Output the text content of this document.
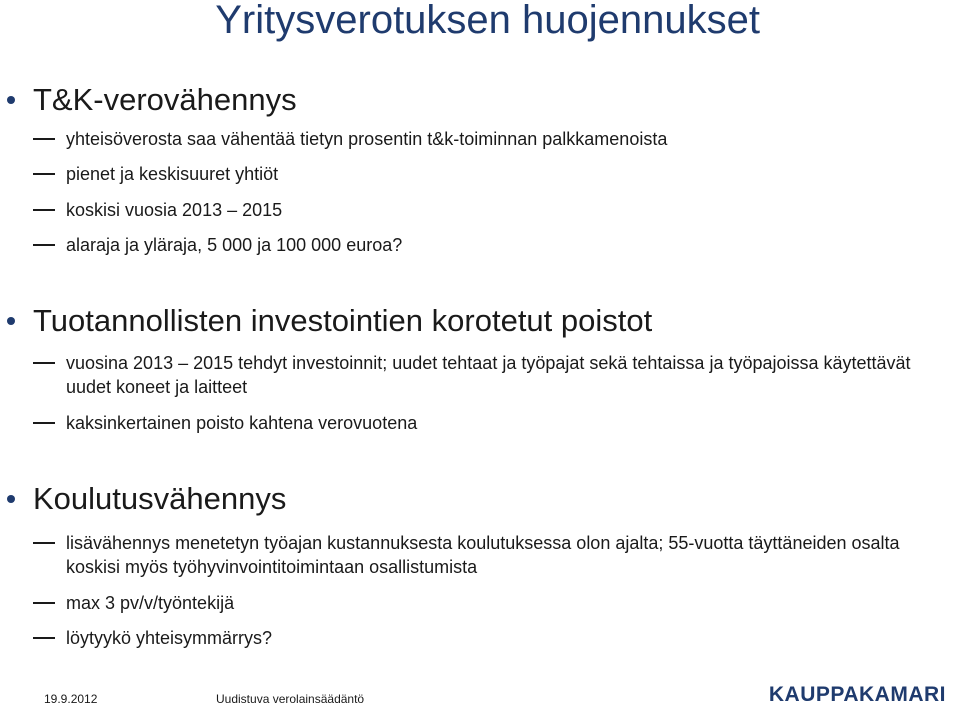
Yritysverotuksen huojennukset
T&K-verovähennys
yhteisöverosta saa vähentää tietyn prosentin t&k-toiminnan palkkamenoista
pienet ja keskisuuret yhtiöt
koskisi vuosia 2013 – 2015
alaraja ja yläraja, 5 000 ja 100 000 euroa?
Tuotannollisten investointien korotetut poistot
vuosina 2013 – 2015 tehdyt investoinnit; uudet tehtaat ja työpajat sekä tehtaissa ja työpajoissa käytettävät uudet koneet ja laitteet
kaksinkertainen poisto kahtena verovuotena
Koulutusvähennys
lisävähennys menetetyn työajan kustannuksesta koulutuksessa olon ajalta; 55-vuotta täyttäneiden osalta koskisi myös työhyvinvointitoimintaan osallistumista
max 3 pv/v/työntekijä
löytyykö yhteisymmärrys?
19.9.2012	Uudistuva verolainsäädäntö	KAUPPAKAMARI
